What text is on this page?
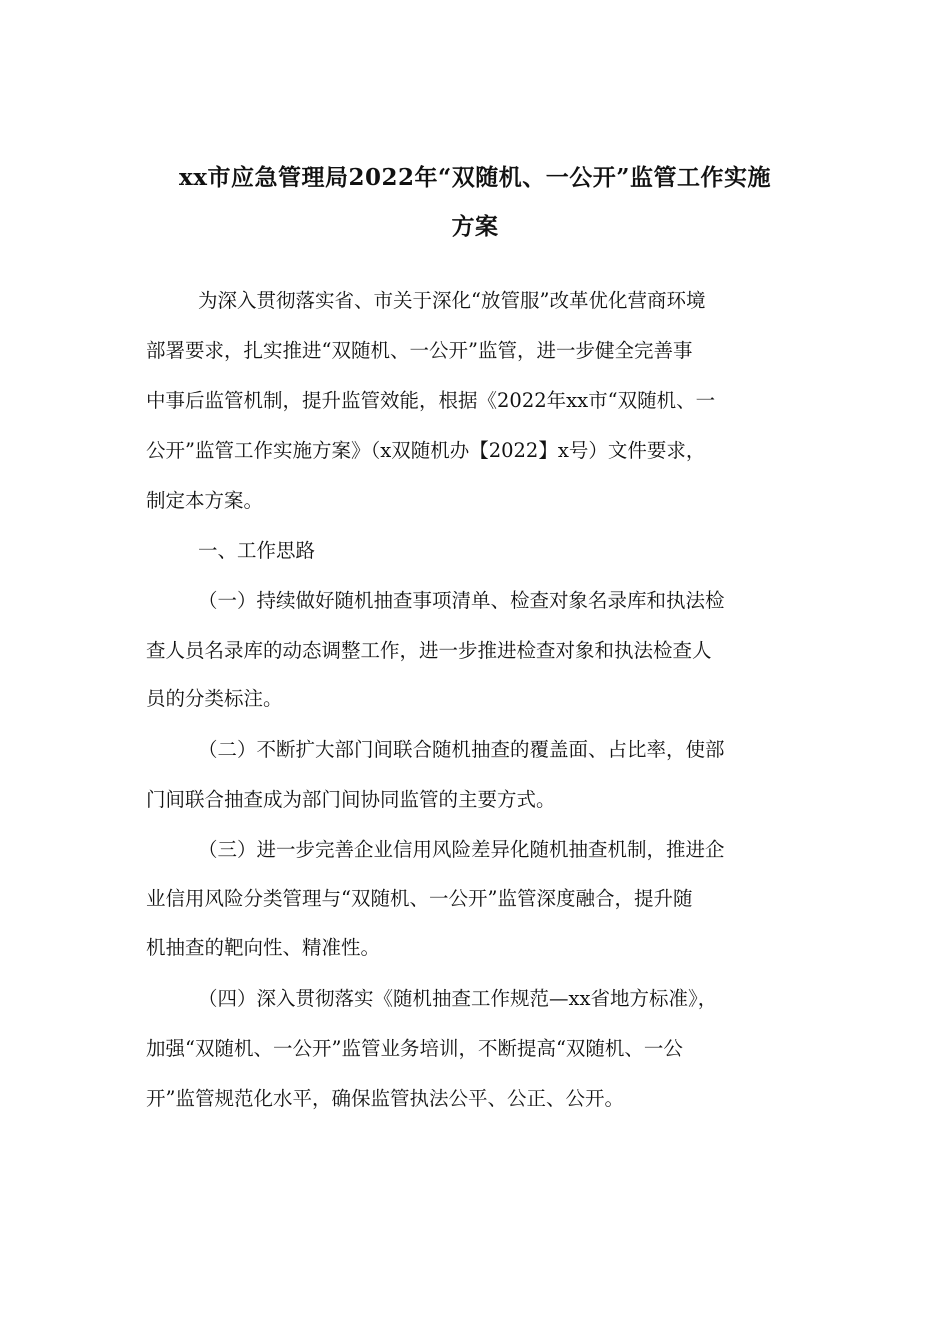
xx市应急管理局2022年“双随机、一公开”监管工作实施
方案

为深入贯彻落实省、市关于深化“放管服”改革优化营商环境

部署要求，扎实推进“双随机、一公开”监管，进一步健全完善事

中事后监管机制，提升监管效能，根据《2022年xx市“双随机、一

公开”监管工作实施方案》（x双随机办【2022】x号）文件要求，

制定本方案。

一、工作思路

（一）持续做好随机抽查事项清单、检查对象名录库和执法检

查人员名录库的动态调整工作，进一步推进检查对象和执法检查人

员的分类标注。

（二）不断扩大部门间联合随机抽查的覆盖面、占比率，使部

门间联合抽查成为部门间协同监管的主要方式。

（三）进一步完善企业信用风险差异化随机抽查机制，推进企

业信用风险分类管理与“双随机、一公开”监管深度融合，提升随

机抽查的靶向性、精准性。

（四）深入贯彻落实《随机抽查工作规范—xx省地方标准》，

加强“双随机、一公开”监管业务培训，不断提高“双随机、一公

开”监管规范化水平，确保监管执法公平、公正、公开。
